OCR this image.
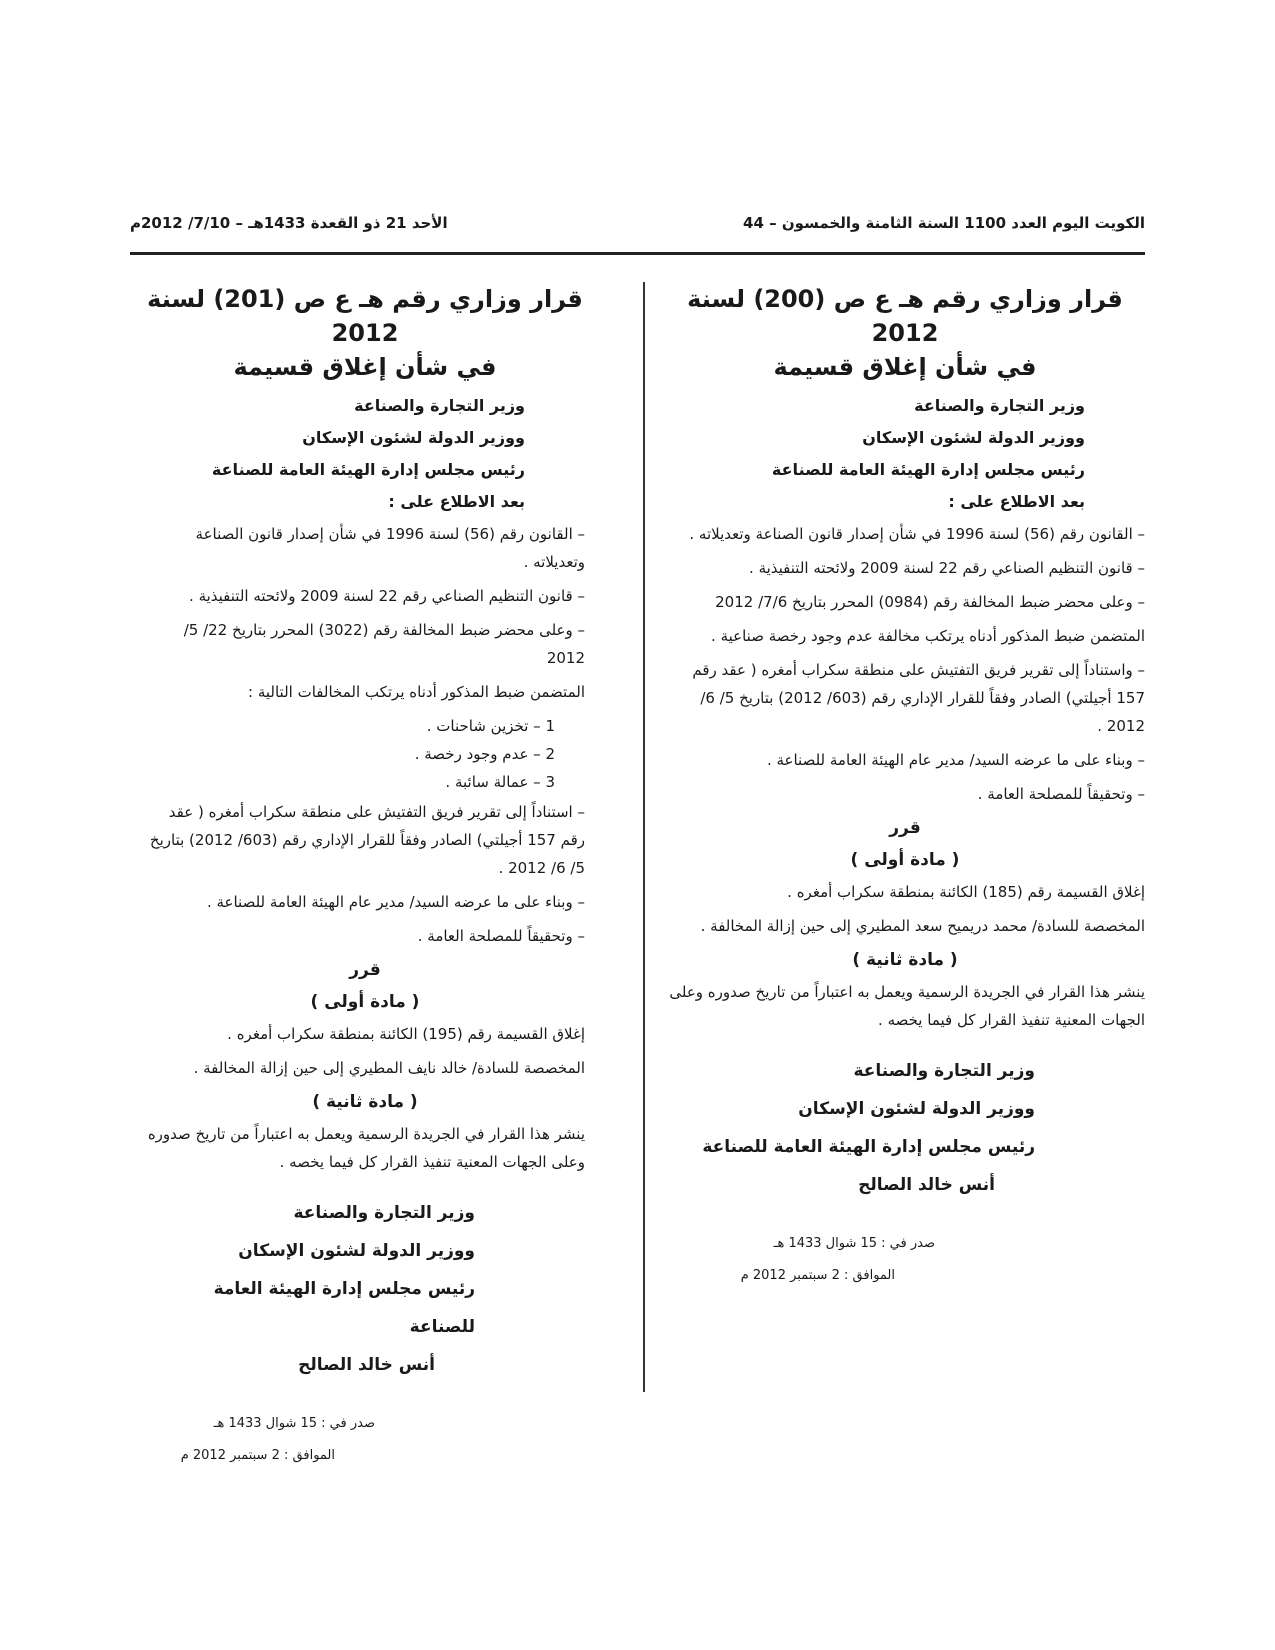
الكويت اليوم العدد 1100 السنة الثامنة والخمسون – 44
الأحد 21 ذو القعدة 1433هـ – 7/10/ 2012م
قرار وزاري رقم هـ ع ص (200) لسنة 2012
في شأن إغلاق قسيمة
وزير التجارة والصناعة
ووزير الدولة لشئون الإسكان
رئيس مجلس إدارة الهيئة العامة للصناعة
بعد الاطلاع على :
– القانون رقم (56) لسنة 1996 في شأن إصدار قانون الصناعة وتعديلاته .
– قانون التنظيم الصناعي رقم 22 لسنة 2009 ولائحته التنفيذية .
– وعلى محضر ضبط المخالفة رقم (0984) المحرر بتاريخ 7/6/ 2012
المتضمن ضبط المذكور أدناه يرتكب مخالفة عدم وجود رخصة صناعية .
– واستناداً إلى تقرير فريق التفتيش على منطقة سكراب أمغره ( عقد رقم 157 أجيلتي) الصادر وفقاً للقرار الإداري رقم (603/ 2012) بتاريخ 5/ 6/ 2012 .
– وبناء على ما عرضه السيد/ مدير عام الهيئة العامة للصناعة .
– وتحقيقاً للمصلحة العامة .
قرر
( مادة أولى )
إغلاق القسيمة رقم (185) الكائنة بمنطقة سكراب أمغره .
المخصصة للسادة/ محمد دريميح سعد المطيري إلى حين إزالة المخالفة .
( مادة ثانية )
ينشر هذا القرار في الجريدة الرسمية ويعمل به اعتباراً من تاريخ صدوره وعلى الجهات المعنية تنفيذ القرار كل فيما يخصه .
وزير التجارة والصناعة
ووزير الدولة لشئون الإسكان
رئيس مجلس إدارة الهيئة العامة للصناعة
أنس خالد الصالح
صدر في : 15 شوال 1433 هـ
الموافق : 2 سبتمبر 2012 م
قرار وزاري رقم هـ ع ص (201) لسنة 2012
في شأن إغلاق قسيمة
وزير التجارة والصناعة
ووزير الدولة لشئون الإسكان
رئيس مجلس إدارة الهيئة العامة للصناعة
بعد الاطلاع على :
– القانون رقم (56) لسنة 1996 في شأن إصدار قانون الصناعة وتعديلاته .
– قانون التنظيم الصناعي رقم 22 لسنة 2009 ولائحته التنفيذية .
– وعلى محضر ضبط المخالفة رقم (3022) المحرر بتاريخ 22/ 5/ 2012
المتضمن ضبط المذكور أدناه يرتكب المخالفات التالية :
1 – تخزين شاحنات .
2 – عدم وجود رخصة .
3 – عمالة سائبة .
– استناداً إلى تقرير فريق التفتيش على منطقة سكراب أمغره ( عقد رقم 157 أجيلتي) الصادر وفقاً للقرار الإداري رقم (603/ 2012) بتاريخ 5/ 6/ 2012 .
– وبناء على ما عرضه السيد/ مدير عام الهيئة العامة للصناعة .
– وتحقيقاً للمصلحة العامة .
قرر
( مادة أولى )
إغلاق القسيمة رقم (195) الكائنة بمنطقة سكراب أمغره .
المخصصة للسادة/ خالد نايف المطيري إلى حين إزالة المخالفة .
( مادة ثانية )
ينشر هذا القرار في الجريدة الرسمية ويعمل به اعتباراً من تاريخ صدوره وعلى الجهات المعنية تنفيذ القرار كل فيما يخصه .
وزير التجارة والصناعة
ووزير الدولة لشئون الإسكان
رئيس مجلس إدارة الهيئة العامة للصناعة
أنس خالد الصالح
صدر في : 15 شوال 1433 هـ
الموافق : 2 سبتمبر 2012 م
